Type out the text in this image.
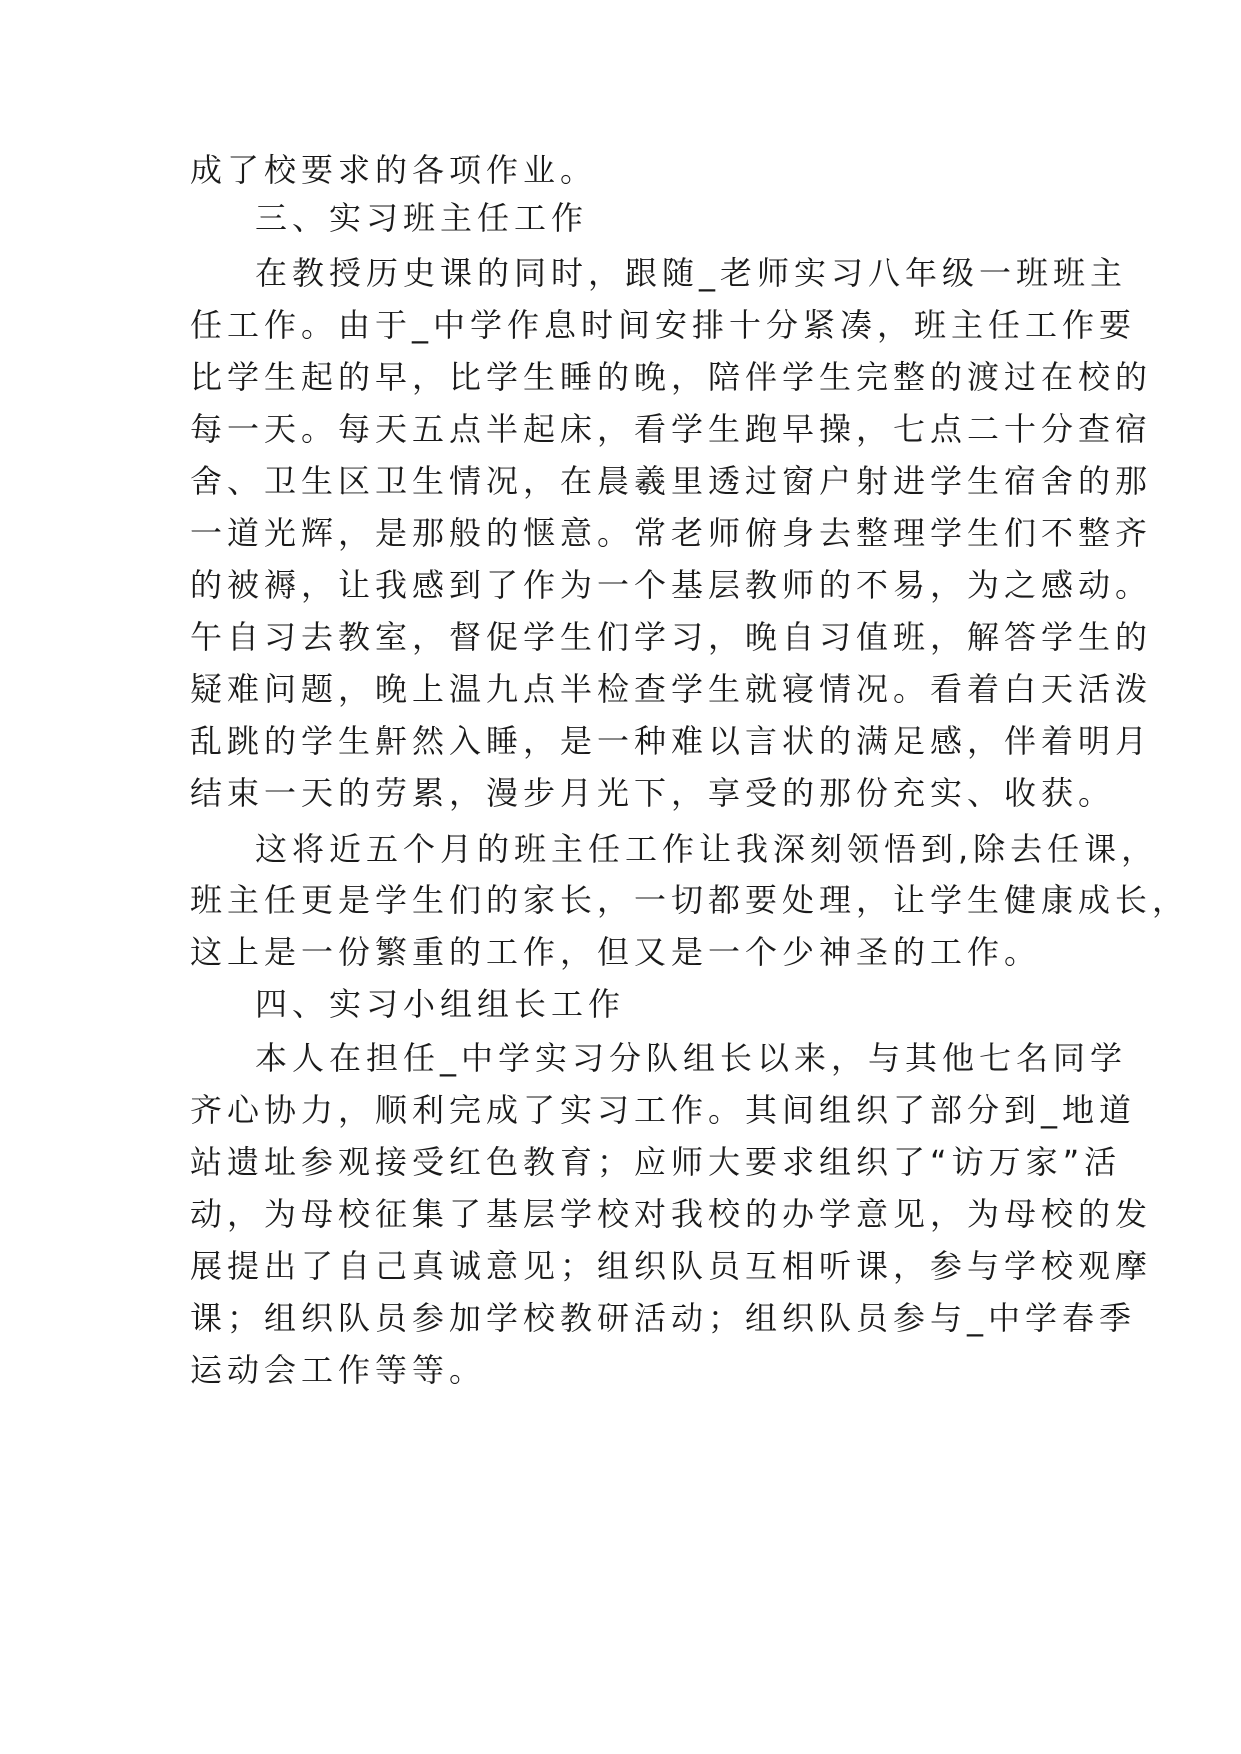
成了校要求的各项作业。
三、实习班主任工作
在教授历史课的同时，跟随_老师实习八年级一班班主
任工作。由于_中学作息时间安排十分紧凑，班主任工作要
比学生起的早，比学生睡的晚，陪伴学生完整的渡过在校的
每一天。每天五点半起床，看学生跑早操，七点二十分查宿
舍、卫生区卫生情况，在晨羲里透过窗户射进学生宿舍的那
一道光辉，是那般的惬意。常老师俯身去整理学生们不整齐
的被褥，让我感到了作为一个基层教师的不易，为之感动。
午自习去教室，督促学生们学习，晚自习值班，解答学生的
疑难问题，晚上温九点半检查学生就寝情况。看着白天活泼
乱跳的学生鼾然入睡，是一种难以言状的满足感，伴着明月
结束一天的劳累，漫步月光下，享受的那份充实、收获。
这将近五个月的班主任工作让我深刻领悟到,除去任课，
班主任更是学生们的家长，一切都要处理，让学生健康成长，
这上是一份繁重的工作，但又是一个少神圣的工作。
四、实习小组组长工作
本人在担任_中学实习分队组长以来，与其他七名同学
齐心协力，顺利完成了实习工作。其间组织了部分到_地道
站遗址参观接受红色教育；应师大要求组织了“访万家”活
动，为母校征集了基层学校对我校的办学意见，为母校的发
展提出了自己真诚意见；组织队员互相听课，参与学校观摩
课；组织队员参加学校教研活动；组织队员参与_中学春季
运动会工作等等。
